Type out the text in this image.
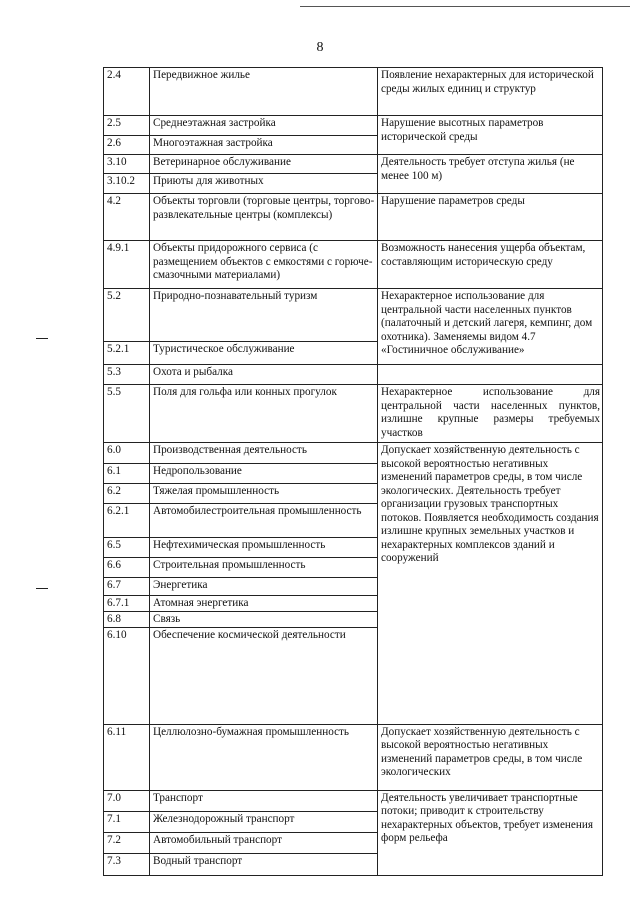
8
2.4	Передвижное жилье	Появление нехарактерных для исторической среды жилых единиц и структур	
2.5	Среднеэтажная застройка	Нарушение высотных параметров исторической среды	
2.6	Многоэтажная застройка		
3.10	Ветеринарное обслуживание	Деятельность требует отступа жилья (не менее 100 м)	
3.10.2	Приюты для животных		
4.2	Объекты торговли (торговые центры, торгово-развлекательные центры (комплексы)	Нарушение параметров среды	
4.9.1	Объекты придорожного сервиса (с размещением объектов с емкостями с горюче-смазочными материалами)	Возможность нанесения ущерба объектам, составляющим историческую среду	
5.2	Природно-познавательный туризм	Нехарактерное использование для центральной части населенных пунктов (палаточный и детский лагеря, кемпинг, дом охотника). Заменяемы видом 4.7 «Гостиничное обслуживание»	
5.2.1	Туристическое обслуживание		
5.3	Охота и рыбалка		
5.5	Поля для гольфа или конных прогулок	Нехарактерное использование для центральной части населенных пунктов, излишне крупные размеры требуемых участков	
6.0	Производственная деятельность	Допускает хозяйственную деятельность с высокой вероятностью негативных изменений параметров среды, в том числе экологических. Деятельность требует организации грузовых транспортных потоков. Появляется необходимость создания излишне крупных земельных участков и нехарактерных комплексов зданий и сооружений	
6.1	Недропользование		
6.2	Тяжелая промышленность		
6.2.1	Автомобилестроительная промышленность		
6.5	Нефтехимическая промышленность		
6.6	Строительная промышленность		
6.7	Энергетика		
6.7.1	Атомная энергетика		
6.8	Связь		
6.10	Обеспечение космической деятельности	
6.11	Целлюлозно-бумажная промышленность	Допускает хозяйственную деятельность с высокой вероятностью негативных изменений параметров среды, в том числе экологических	
7.0	Транспорт	Деятельность увеличивает транспортные потоки; приводит к строительству нехарактерных объектов, требует изменения форм рельефа	
7.1	Железнодорожный транспорт		
7.2	Автомобильный транспорт		
7.3	Водный транспорт		
